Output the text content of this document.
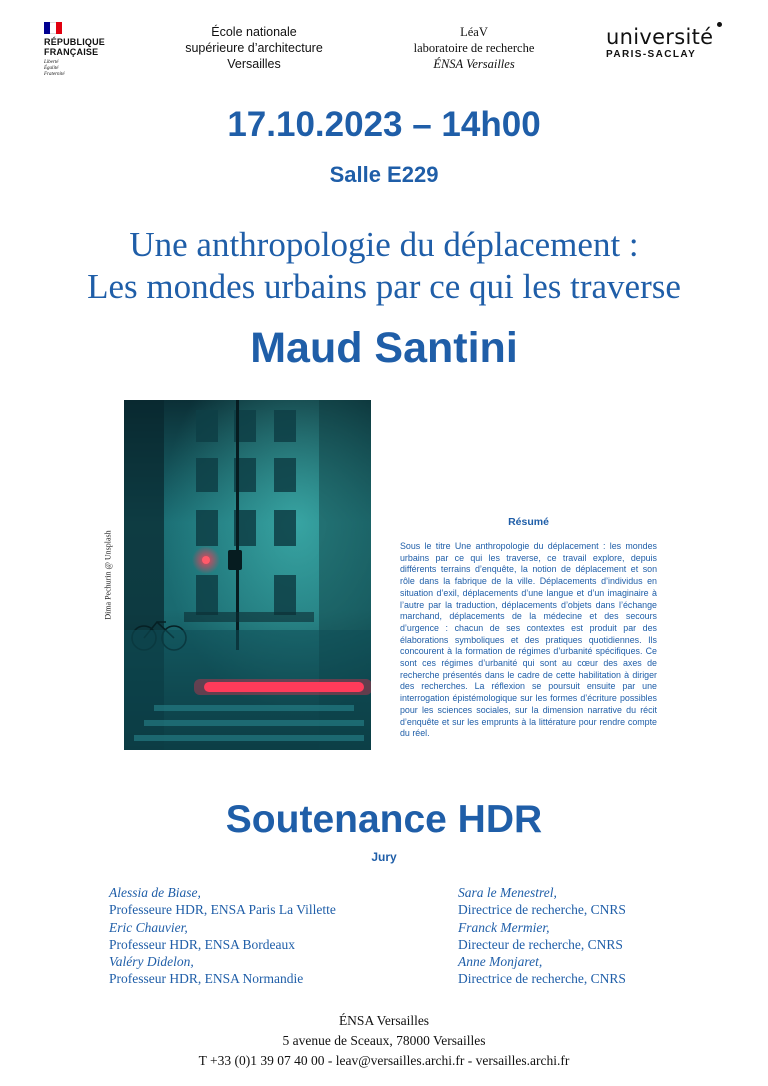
RÉPUBLIQUE
FRANÇAISE
Liberté
Égalité
Fraternité
École nationale
supérieure d’architecture
Versailles
LéaV
laboratoire de recherche
ÉNSA Versailles
université
PARIS-SACLAY
17.10.2023 – 14h00
Salle E229
Une anthropologie du déplacement :
Les mondes urbains par ce qui les traverse
Maud Santini
Dima Pechurin @ Unsplash
Résumé
Sous le titre Une anthropologie du déplacement : les mondes urbains par ce qui les traverse, ce travail explore, depuis différents terrains d’enquête, la notion de déplacement et son rôle dans la fabrique de la ville. Déplacements d’individus en situation d’exil, déplacements d’une langue et d’un imaginaire à l’autre par la traduction, déplacements d’objets dans l’échange marchand, déplacements de la médecine et des secours d’urgence : chacun de ses contextes est produit par des élaborations symboliques et des pratiques quotidiennes. Ils concourent à la formation de régimes d’urbanité spécifiques. Ce sont ces régimes d’urbanité qui sont au cœur des axes de recherche présentés dans le cadre de cette habilitation à diriger des recherches. La réflexion se poursuit ensuite par une interrogation épistémologique sur les formes d’écriture possibles pour les sciences sociales, sur la dimension narrative du récit d’enquête et sur les emprunts à la littérature pour rendre compte du réel.
Soutenance HDR
Jury
Alessia de Biase,
Professeure HDR, ENSA Paris La Villette
Eric Chauvier,
Professeur HDR, ENSA Bordeaux
Valéry Didelon,
Professeur HDR, ENSA Normandie
Sara le Menestrel,
Directrice de recherche, CNRS
Franck Mermier,
Directeur de recherche, CNRS
Anne Monjaret,
Directrice de recherche, CNRS
ÉNSA Versailles
5 avenue de Sceaux, 78000 Versailles
T +33 (0)1 39 07 40 00 - leav@versailles.archi.fr - versailles.archi.fr
